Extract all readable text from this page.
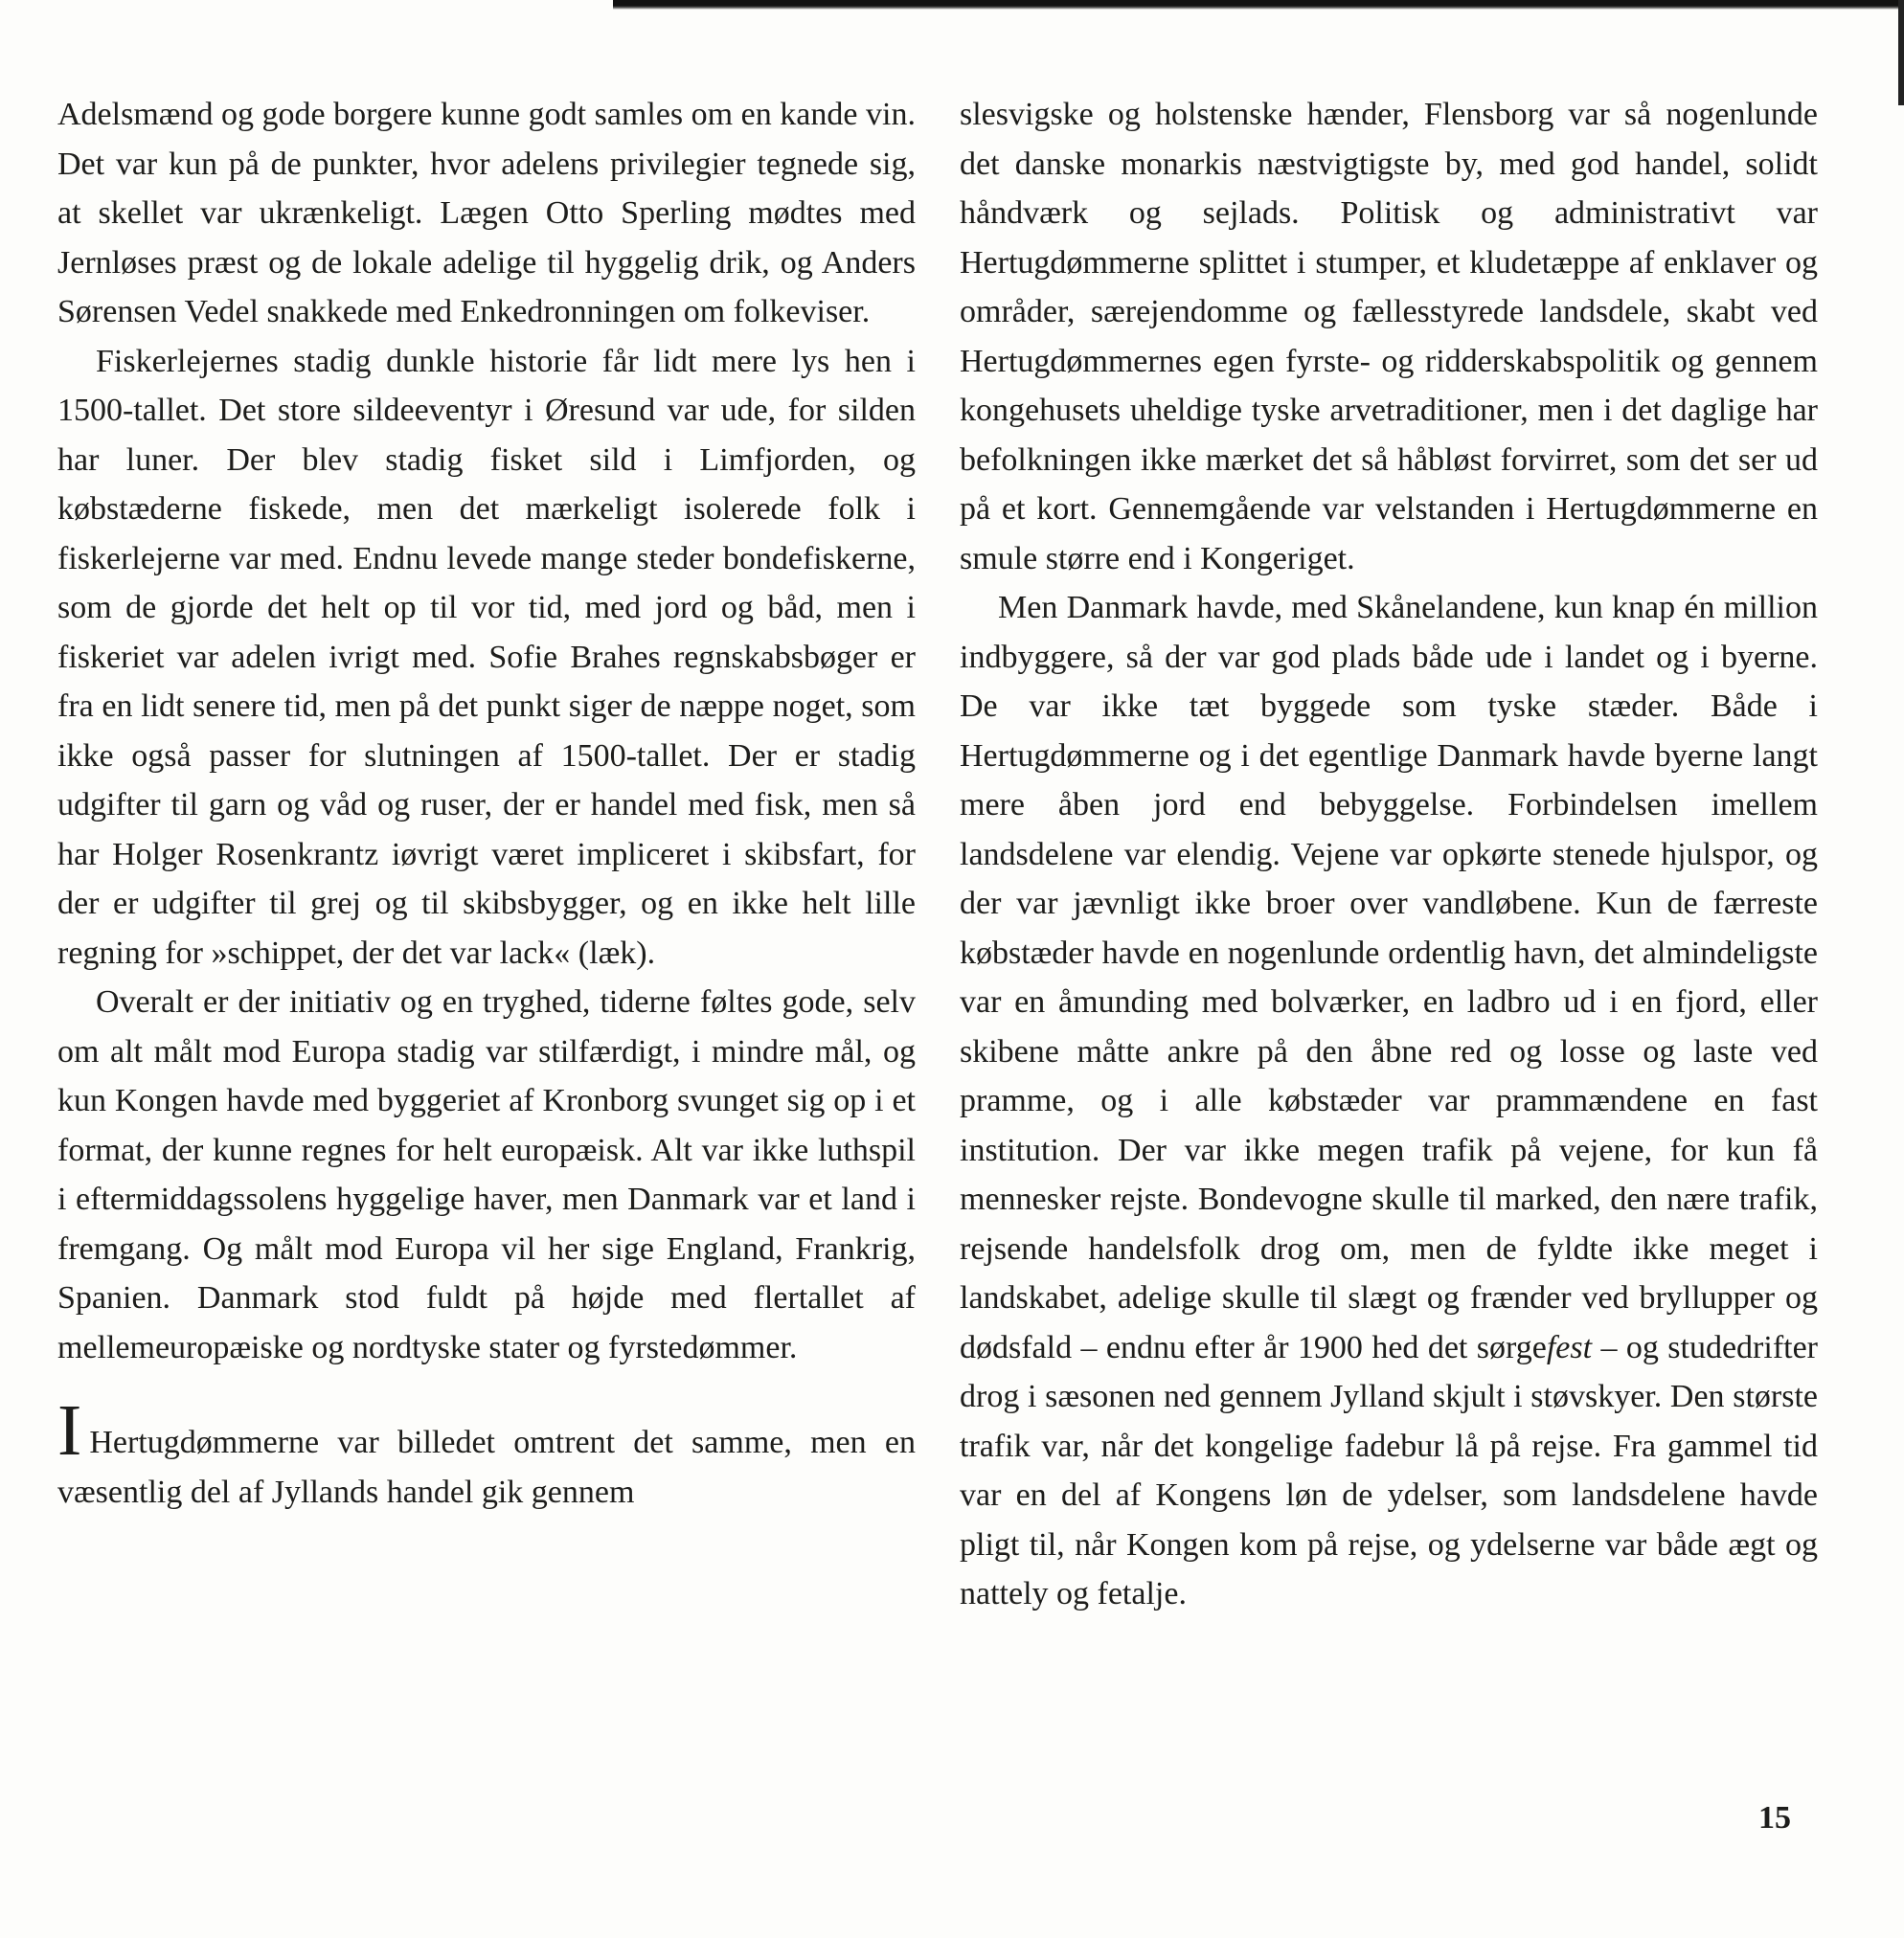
Adelsmænd og gode borgere kunne godt samles om en kande vin. Det var kun på de punkter, hvor adelens privilegier tegnede sig, at skellet var ukrænkeligt. Lægen Otto Sperling mødtes med Jernløses præst og de lokale adelige til hyggelig drik, og Anders Sørensen Vedel snakkede med Enkedronningen om folkeviser.

Fiskerlejernes stadig dunkle historie får lidt mere lys hen i 1500-tallet. Det store sildeeventyr i Øresund var ude, for silden har luner. Der blev stadig fisket sild i Limfjorden, og købstæderne fiskede, men det mærkeligt isolerede folk i fiskerlejerne var med. Endnu levede mange steder bondefiskerne, som de gjorde det helt op til vor tid, med jord og båd, men i fiskeriet var adelen ivrigt med. Sofie Brahes regnskabsbøger er fra en lidt senere tid, men på det punkt siger de næppe noget, som ikke også passer for slutningen af 1500-tallet. Der er stadig udgifter til garn og våd og ruser, der er handel med fisk, men så har Holger Rosenkrantz iøvrigt været impliceret i skibsfart, for der er udgifter til grej og til skibsbygger, og en ikke helt lille regning for »schippet, der det var lack« (læk).

Overalt er der initiativ og en tryghed, tiderne føltes gode, selv om alt målt mod Europa stadig var stilfærdigt, i mindre mål, og kun Kongen havde med byggeriet af Kronborg svunget sig op i et format, der kunne regnes for helt europæisk. Alt var ikke luthspil i eftermiddagssolens hyggelige haver, men Danmark var et land i fremgang. Og målt mod Europa vil her sige England, Frankrig, Spanien. Danmark stod fuldt på højde med flertallet af mellemeuropæiske og nordtyske stater og fyrstedømmer.

I Hertugdømmerne var billedet omtrent det samme, men en væsentlig del af Jyllands handel gik gennem

slesvigske og holstenske hænder, Flensborg var så nogenlunde det danske monarkis næstvigtigste by, med god handel, solidt håndværk og sejlads. Politisk og administrativt var Hertugdømmerne splittet i stumper, et kludetæppe af enklaver og områder, særejendomme og fællesstyrede landsdele, skabt ved Hertugdømmernes egen fyrste- og ridderskabspolitik og gennem kongehusets uheldige tyske arvetraditioner, men i det daglige har befolkningen ikke mærket det så håbløst forvirret, som det ser ud på et kort. Gennemgående var velstanden i Hertugdømmerne en smule større end i Kongeriget.

Men Danmark havde, med Skånelandene, kun knap én million indbyggere, så der var god plads både ude i landet og i byerne. De var ikke tæt byggede som tyske stæder. Både i Hertugdømmerne og i det egentlige Danmark havde byerne langt mere åben jord end bebyggelse. Forbindelsen imellem landsdelene var elendig. Vejene var opkørte stenede hjulspor, og der var jævnligt ikke broer over vandløbene. Kun de færreste købstæder havde en nogenlunde ordentlig havn, det almindeligste var en åmunding med bolværker, en ladbro ud i en fjord, eller skibene måtte ankre på den åbne red og losse og laste ved pramme, og i alle købstæder var prammændene en fast institution. Der var ikke megen trafik på vejene, for kun få mennesker rejste. Bondevogne skulle til marked, den nære trafik, rejsende handelsfolk drog om, men de fyldte ikke meget i landskabet, adelige skulle til slægt og frænder ved bryllupper og dødsfald – endnu efter år 1900 hed det sørgefest – og studedrifter drog i sæsonen ned gennem Jylland skjult i støvskyer. Den største trafik var, når det kongelige fadebur lå på rejse. Fra gammel tid var en del af Kongens løn de ydelser, som landsdelene havde pligt til, når Kongen kom på rejse, og ydelserne var både ægt og nattely og fetalje.

15
